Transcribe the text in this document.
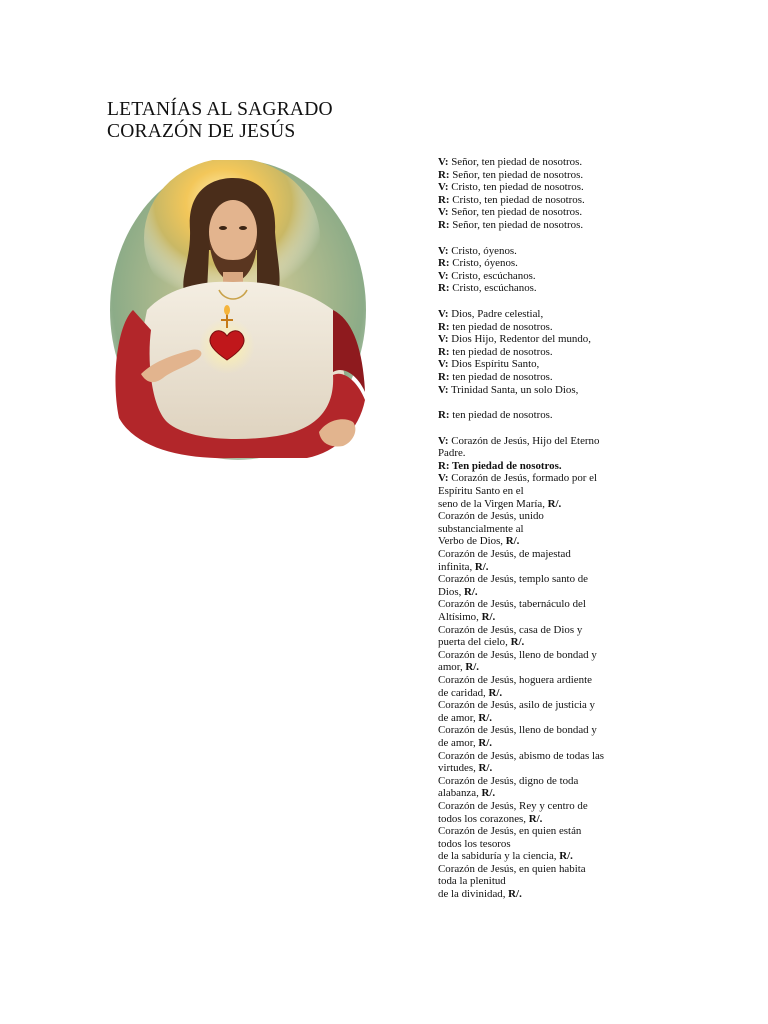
LETANÍAS AL SAGRADO
CORAZÓN DE JESÚS
V: Señor, ten piedad de nosotros.
R: Señor, ten piedad de nosotros.
V: Cristo, ten piedad de nosotros.
R: Cristo, ten piedad de nosotros.
V: Señor, ten piedad de nosotros.
R: Señor, ten piedad de nosotros.
V: Cristo, óyenos.
R: Cristo, óyenos.
V: Cristo, escúchanos.
R: Cristo, escúchanos.
V: Dios, Padre celestial,
R: ten piedad de nosotros.
V: Dios Hijo, Redentor del mundo,
R: ten piedad de nosotros.
V: Dios Espíritu Santo,
R: ten piedad de nosotros.
V: Trinidad Santa, un solo Dios,
R: ten piedad de nosotros.
V: Corazón de Jesús, Hijo del Eterno
Padre.
R: Ten piedad de nosotros.
V: Corazón de Jesús, formado por el
Espíritu Santo en el
seno de la Virgen María, R/.
Corazón de Jesús, unido
substancialmente al
Verbo de Dios, R/.
Corazón de Jesús, de majestad
infinita, R/.
Corazón de Jesús, templo santo de
Dios, R/.
Corazón de Jesús, tabernáculo del
Altísimo, R/.
Corazón de Jesús, casa de Dios y
puerta del cielo, R/.
Corazón de Jesús, lleno de bondad y
amor, R/.
Corazón de Jesús, hoguera ardiente
de caridad, R/.
Corazón de Jesús, asilo de justicia y
de amor, R/.
Corazón de Jesús, lleno de bondad y
de amor, R/.
Corazón de Jesús, abismo de todas las
virtudes, R/.
Corazón de Jesús, digno de toda
alabanza, R/.
Corazón de Jesús, Rey y centro de
todos los corazones, R/.
Corazón de Jesús, en quien están
todos los tesoros
de la sabiduría y la ciencia, R/.
Corazón de Jesús, en quien habita
toda la plenitud
de la divinidad, R/.
